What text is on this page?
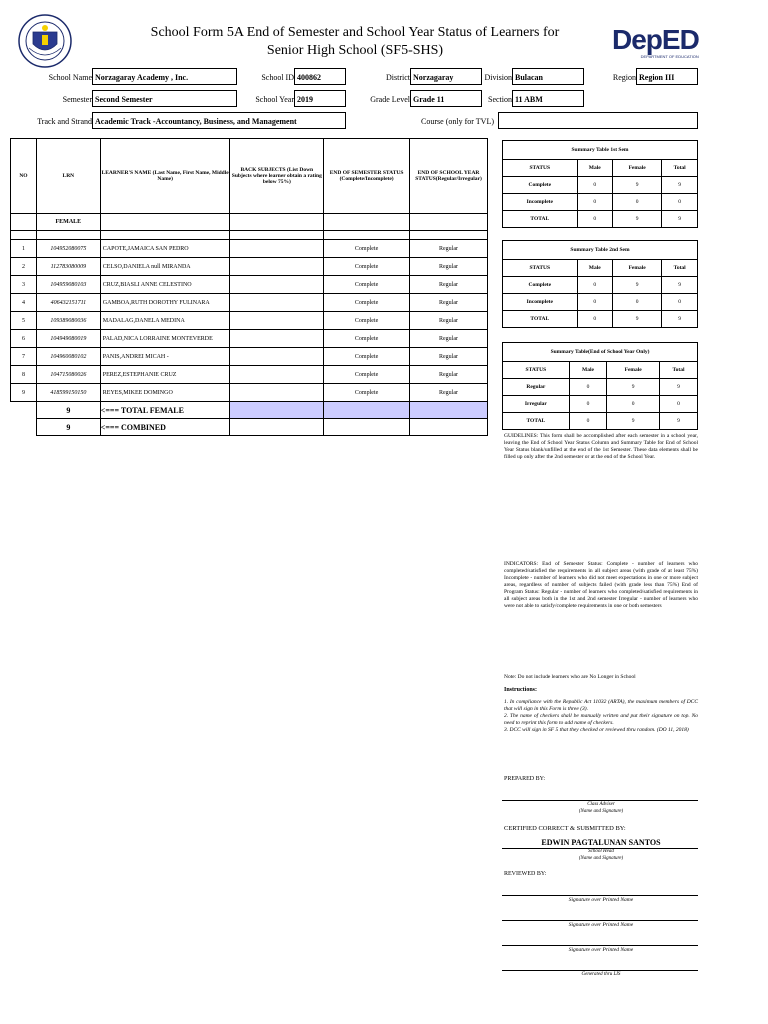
School Form 5A End of Semester and School Year Status of Learners for
Senior High School (SF5-SHS)	DepED
DEPARTMENT OF EDUCATION
School Name Norzagaray Academy , Inc.	School ID 400862	District Norzagaray	Division Bulacan	Region Region III
Semester Second Semester	School Year 2019	Grade Level Grade 11	Section 11 ABM
Track and Strand Academic Track -Accountancy, Business, and Management	Course (only for TVL)
NO	LRN	LEARNER'S NAME (Last Name, First Name, Middle Name)	BACK SUBJECTS (List Down Subjects where learner obtain a rating below 75%)	END OF SEMESTER STATUS (Complete/Incomplete)	END OF SCHOOL YEAR STATUS(Regular/Irregular)
	FEMALE				

1	104952080075	CAPOTE,JAMAICA SAN PEDRO		Complete	Regular
2	112783080009	CELSO,DANIELA null MIRANDA		Complete	Regular
3	104959080103	CRUZ,BIASLI ANNE CELESTINO		Complete	Regular
4	406432151711	GAMBOA,RUTH DOROTHY FULINARA		Complete	Regular
5	109389080036	MADALAG,DANELA MEDINA		Complete	Regular
6	104949080019	PALAD,NICA LORRAINE MONTEVERDE		Complete	Regular
7	104960080102	PANIS,ANDREI MICAH -		Complete	Regular
8	104715080026	PEREZ,ESTEPHANIE CRUZ		Complete	Regular
9	418599150150	REYES,MIKEE DOMINGO		Complete	Regular
	9	<=== TOTAL FEMALE			
	9	<=== COMBINED			
Summary Table 1st Sem			
STATUS	Male	Female	Total
Complete	0	9	9
Incomplete	0	0	0
TOTAL	0	9	9
Summary Table 2nd Sem			
STATUS	Male	Female	Total
Complete	0	9	9
Incomplete	0	0	0
TOTAL	0	9	9
Summary Table(End of School Year Only)			
STATUS	Male	Female	Total
Regular	0	9	9
Irregular	0	0	0
TOTAL	0	9	9
GUIDELINES: This form shall be accomplished after each semester in a school year, leaving the End of School Year Status Column and Summary Table for End of School Year Status blank/unfilled at the end of the 1st Semester. These data elements shall be filled up only after the 2nd semester or at the end of the School Year.
INDICATORS: End of Semester Status: Complete - number of learners who completed/satisfied the requirements in all subject areas (with grade of at least 75%) Incomplete - number of learners who did not meet expectations in one or more subject areas, regardless of number of subjects failed (with grade less than 75%) End of Program Status: Regular - number of learners who completed/satisfied requirements in all subject areas both in the 1st and 2nd semester Irregular - number of learners who were not able to satisfy/complete requirements in one or both semesters
Note: Do not include learners who are No Longer in School
Instructions:
1. In compliance with the Republic Act 11032 (ARTA), the maximum members of DCC that will sign in this Form is three (3).
2. The name of checkers shall be manually written and put their signature on top. No need to reprint this form to add name of checkers.
3. DCC will sign in SF 5 that they checked or reviewed thru random. (DO 11, 2018)
PREPARED BY:
Class Adviser
(Name and Signature)
CERTIFIED CORRECT & SUBMITTED BY:
EDWIN PAGTALUNAN SANTOS
School Head
(Name and Signature)
REVIEWED BY:
Signature over Printed Name
Signature over Printed Name
Signature over Printed Name
Generated thru LIS
